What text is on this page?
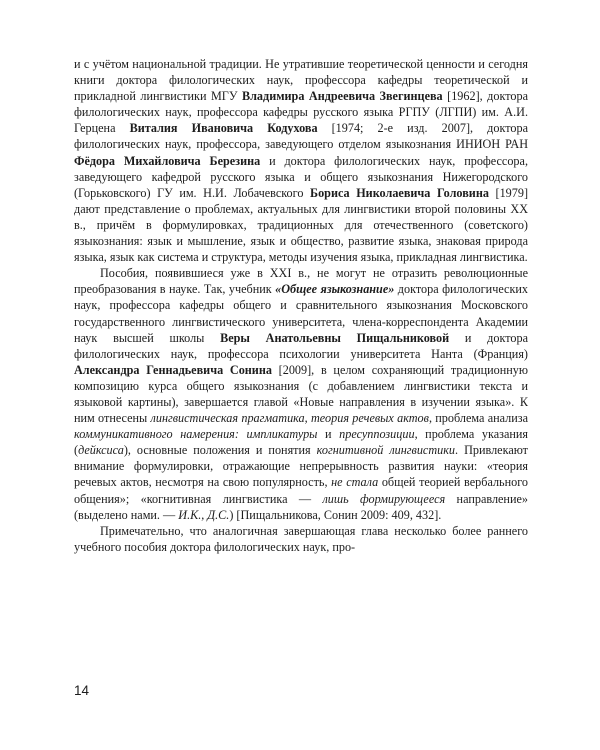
и с учётом национальной традиции. Не утратившие теоретической ценности и сегодня книги доктора филологических наук, профессора кафедры теоретической и прикладной лингвистики МГУ Владимира Андреевича Звегинцева [1962], доктора филологических наук, профессора кафедры русского языка РГПУ (ЛГПИ) им. А.И. Герцена Виталия Ивановича Кодухова [1974; 2-е изд. 2007], доктора филологических наук, профессора, заведующего отделом языкознания ИНИОН РАН Фёдора Михайловича Березина и доктора филологических наук, профессора, заведующего кафедрой русского языка и общего языкознания Нижегородского (Горьковского) ГУ им. Н.И. Лобачевского Бориса Николаевича Головина [1979] дают представление о проблемах, актуальных для лингвистики второй половины XX в., причём в формулировках, традиционных для отечественного (советского) языкознания: язык и мышление, язык и общество, развитие языка, знаковая природа языка, язык как система и структура, методы изучения языка, прикладная лингвистика.

Пособия, появившиеся уже в XXI в., не могут не отразить революционные преобразования в науке. Так, учебник «Общее языкознание» доктора филологических наук, профессора кафедры общего и сравнительного языкознания Московского государственного лингвистического университета, члена-корреспондента Академии наук высшей школы Веры Анатольевны Пищальниковой и доктора филологических наук, профессора психологии университета Нанта (Франция) Александра Геннадьевича Сонина [2009], в целом сохраняющий традиционную композицию курса общего языкознания (с добавлением лингвистики текста и языковой картины), завершается главой «Новые направления в изучении языка». К ним отнесены лингвистическая прагматика, теория речевых актов, проблема анализа коммуникативного намерения: импликатуры и пресуппозиции, проблема указания (дейксиса), основные положения и понятия когнитивной лингвистики. Привлекают внимание формулировки, отражающие непрерывность развития науки: «теория речевых актов, несмотря на свою популярность, не стала общей теорией вербального общения»; «когнитивная лингвистика — лишь формирующееся направление» (выделено нами. — И.К., Д.С.) [Пищальникова, Сонин 2009: 409, 432].

Примечательно, что аналогичная завершающая глава несколько более раннего учебного пособия доктора филологических наук, про-

14
